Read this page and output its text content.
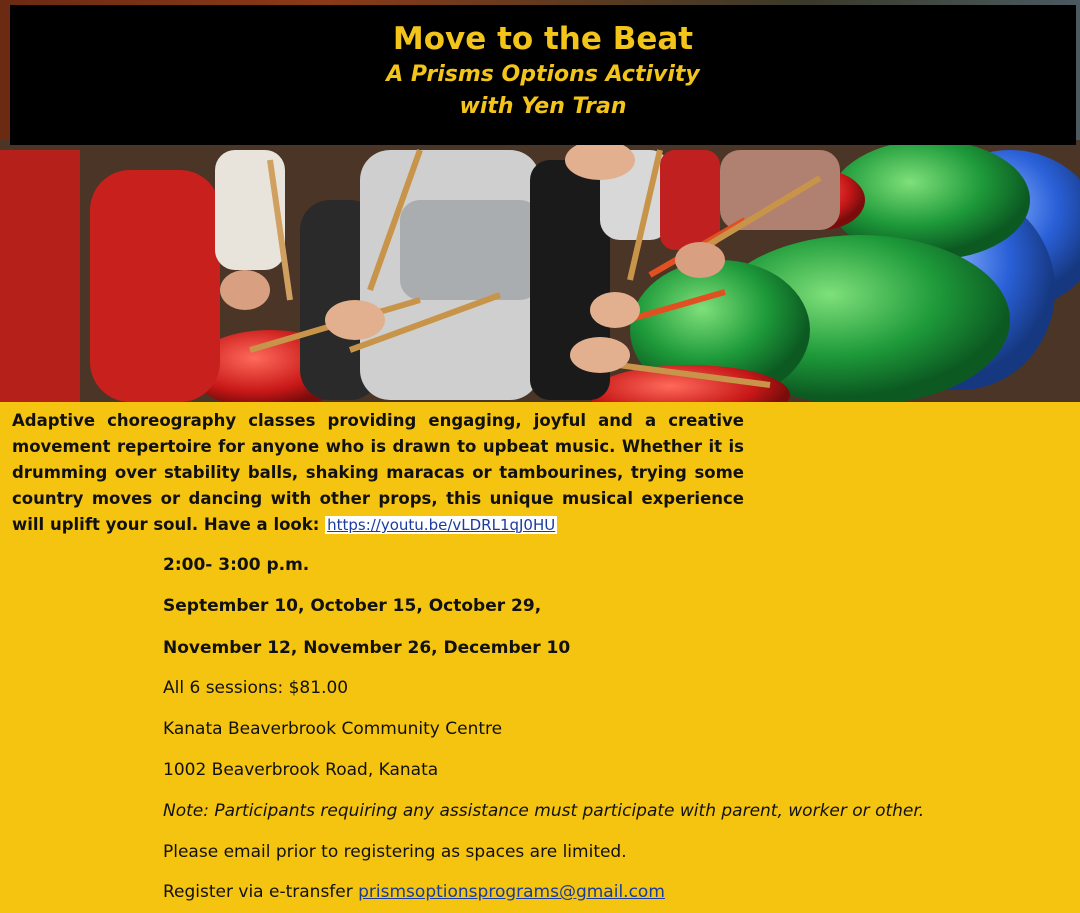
Move to the Beat
A Prisms Options Activity
with Yen Tran
Adaptive choreography classes providing engaging, joyful and a creative movement repertoire for anyone who is drawn to upbeat music. Whether it is drumming over stability balls, shaking maracas or tambourines, trying some country moves or dancing with other props, this unique musical experience will uplift your soul. Have a look: https://youtu.be/vLDRL1qJ0HU
2:00- 3:00 p.m.
September 10, October 15, October 29,
November 12, November 26, December 10
All 6 sessions: $81.00
Kanata Beaverbrook Community Centre
1002 Beaverbrook Road, Kanata
Note: Participants requiring any assistance must participate with parent, worker or other.
Please email prior to registering as spaces are limited.
Register via e-transfer prismsoptionsprograms@gmail.com
